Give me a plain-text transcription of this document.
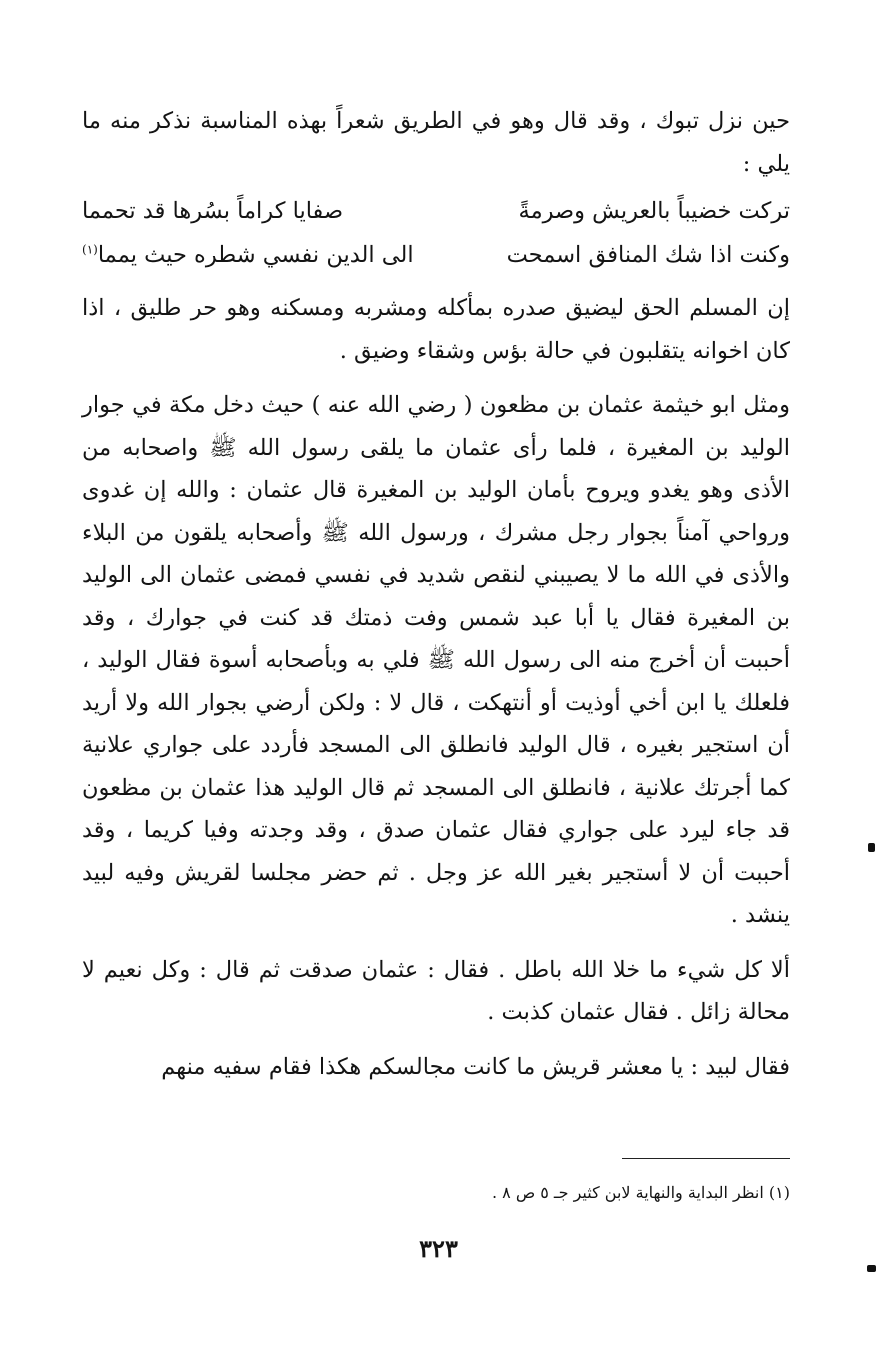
حين نزل تبوك ، وقد قال وهو في الطريق شعراً بهذه المناسبة نذكر منه ما يلي :

تركت خضيباً بالعريش وصرمةً
صفايا كراماً بسُرها قد تحمما
وكنت اذا شك المنافق اسمحت
الى الدين نفسي شطره حيث يمما$^{(١)}$

إن المسلم الحق ليضيق صدره بمأكله ومشربه ومسكنه وهو حر طليق ، اذا كان اخوانه يتقلبون في حالة بؤس وشقاء وضيق .

ومثل ابو خيثمة عثمان بن مظعون ( رضي الله عنه ) حيث دخل مكة في جوار الوليد بن المغيرة ، فلما رأى عثمان ما يلقى رسول الله ﷺ واصحابه من الأذى وهو يغدو ويروح بأمان الوليد بن المغيرة قال عثمان : والله إن غدوى ورواحي آمناً بجوار رجل مشرك ، ورسول الله ﷺ وأصحابه يلقون من البلاء والأذى في الله ما لا يصيبني لنقص شديد في نفسي فمضى عثمان الى الوليد بن المغيرة فقال يا أبا عبد شمس وفت ذمتك قد كنت في جوارك ، وقد أحببت أن أخرج منه الى رسول الله ﷺ فلي به وبأصحابه أسوة فقال الوليد ، فلعلك يا ابن أخي أوذيت أو أنتهكت ، قال لا : ولكن أرضي بجوار الله ولا أريد أن استجير بغيره ، قال الوليد فانطلق الى المسجد فأردد على جواري علانية كما أجرتك علانية ، فانطلق الى المسجد ثم قال الوليد هذا عثمان بن مظعون قد جاء ليرد على جواري فقال عثمان صدق ، وقد وجدته وفيا كريما ، وقد أحببت أن لا أستجير بغير الله عز وجل . ثم حضر مجلسا لقريش وفيه لبيد ينشد .

ألا كل شيء ما خلا الله باطل . فقال : عثمان صدقت ثم قال : وكل نعيم لا محالة زائل . فقال عثمان كذبت .

فقال لبيد : يا معشر قريش ما كانت مجالسكم هكذا فقام سفيه منهم

(١) انظر البداية والنهاية لابن كثير جـ ٥ ص ٨ .
٣٢٣
